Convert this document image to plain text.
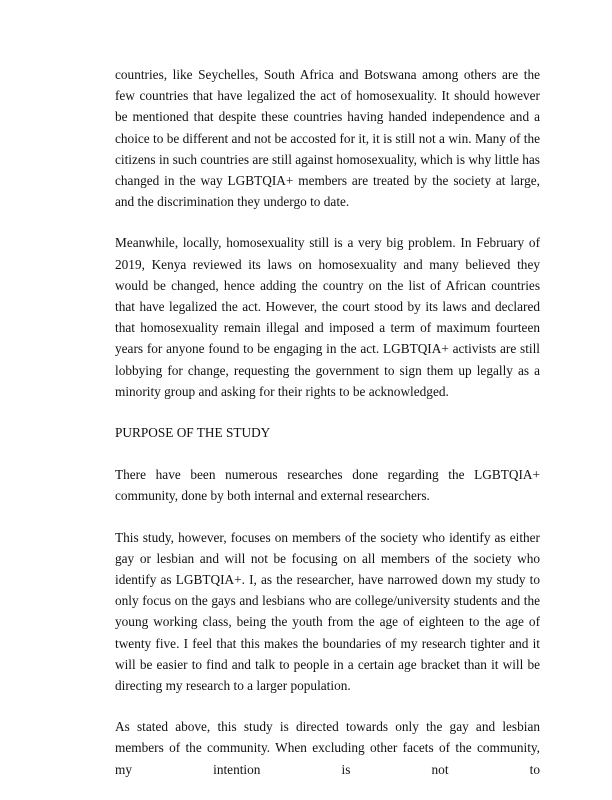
countries, like Seychelles, South Africa and Botswana among others are the few countries that have legalized the act of homosexuality. It should however be mentioned that despite these countries having handed independence and a choice to be different and not be accosted for it, it is still not a win. Many of the citizens in such countries are still against homosexuality, which is why little has changed in the way LGBTQIA+ members are treated by the society at large, and the discrimination they undergo to date.

Meanwhile, locally, homosexuality still is a very big problem. In February of 2019, Kenya reviewed its laws on homosexuality and many believed they would be changed, hence adding the country on the list of African countries that have legalized the act. However, the court stood by its laws and declared that homosexuality remain illegal and imposed a term of maximum fourteen years for anyone found to be engaging in the act. LGBTQIA+ activists are still lobbying for change, requesting the government to sign them up legally as a minority group and asking for their rights to be acknowledged.

PURPOSE OF THE STUDY

There have been numerous researches done regarding the LGBTQIA+ community, done by both internal and external researchers.

This study, however, focuses on members of the society who identify as either gay or lesbian and will not be focusing on all members of the society who identify as LGBTQIA+. I, as the researcher, have narrowed down my study to only focus on the gays and lesbians who are college/university students and the young working class, being the youth from the age of eighteen to the age of twenty five. I feel that this makes the boundaries of my research tighter and it will be easier to find and talk to people in a certain age bracket than it will be directing my research to a larger population.

As stated above, this study is directed towards only the gay and lesbian members of the community. When excluding other facets of the community, my intention is not to
